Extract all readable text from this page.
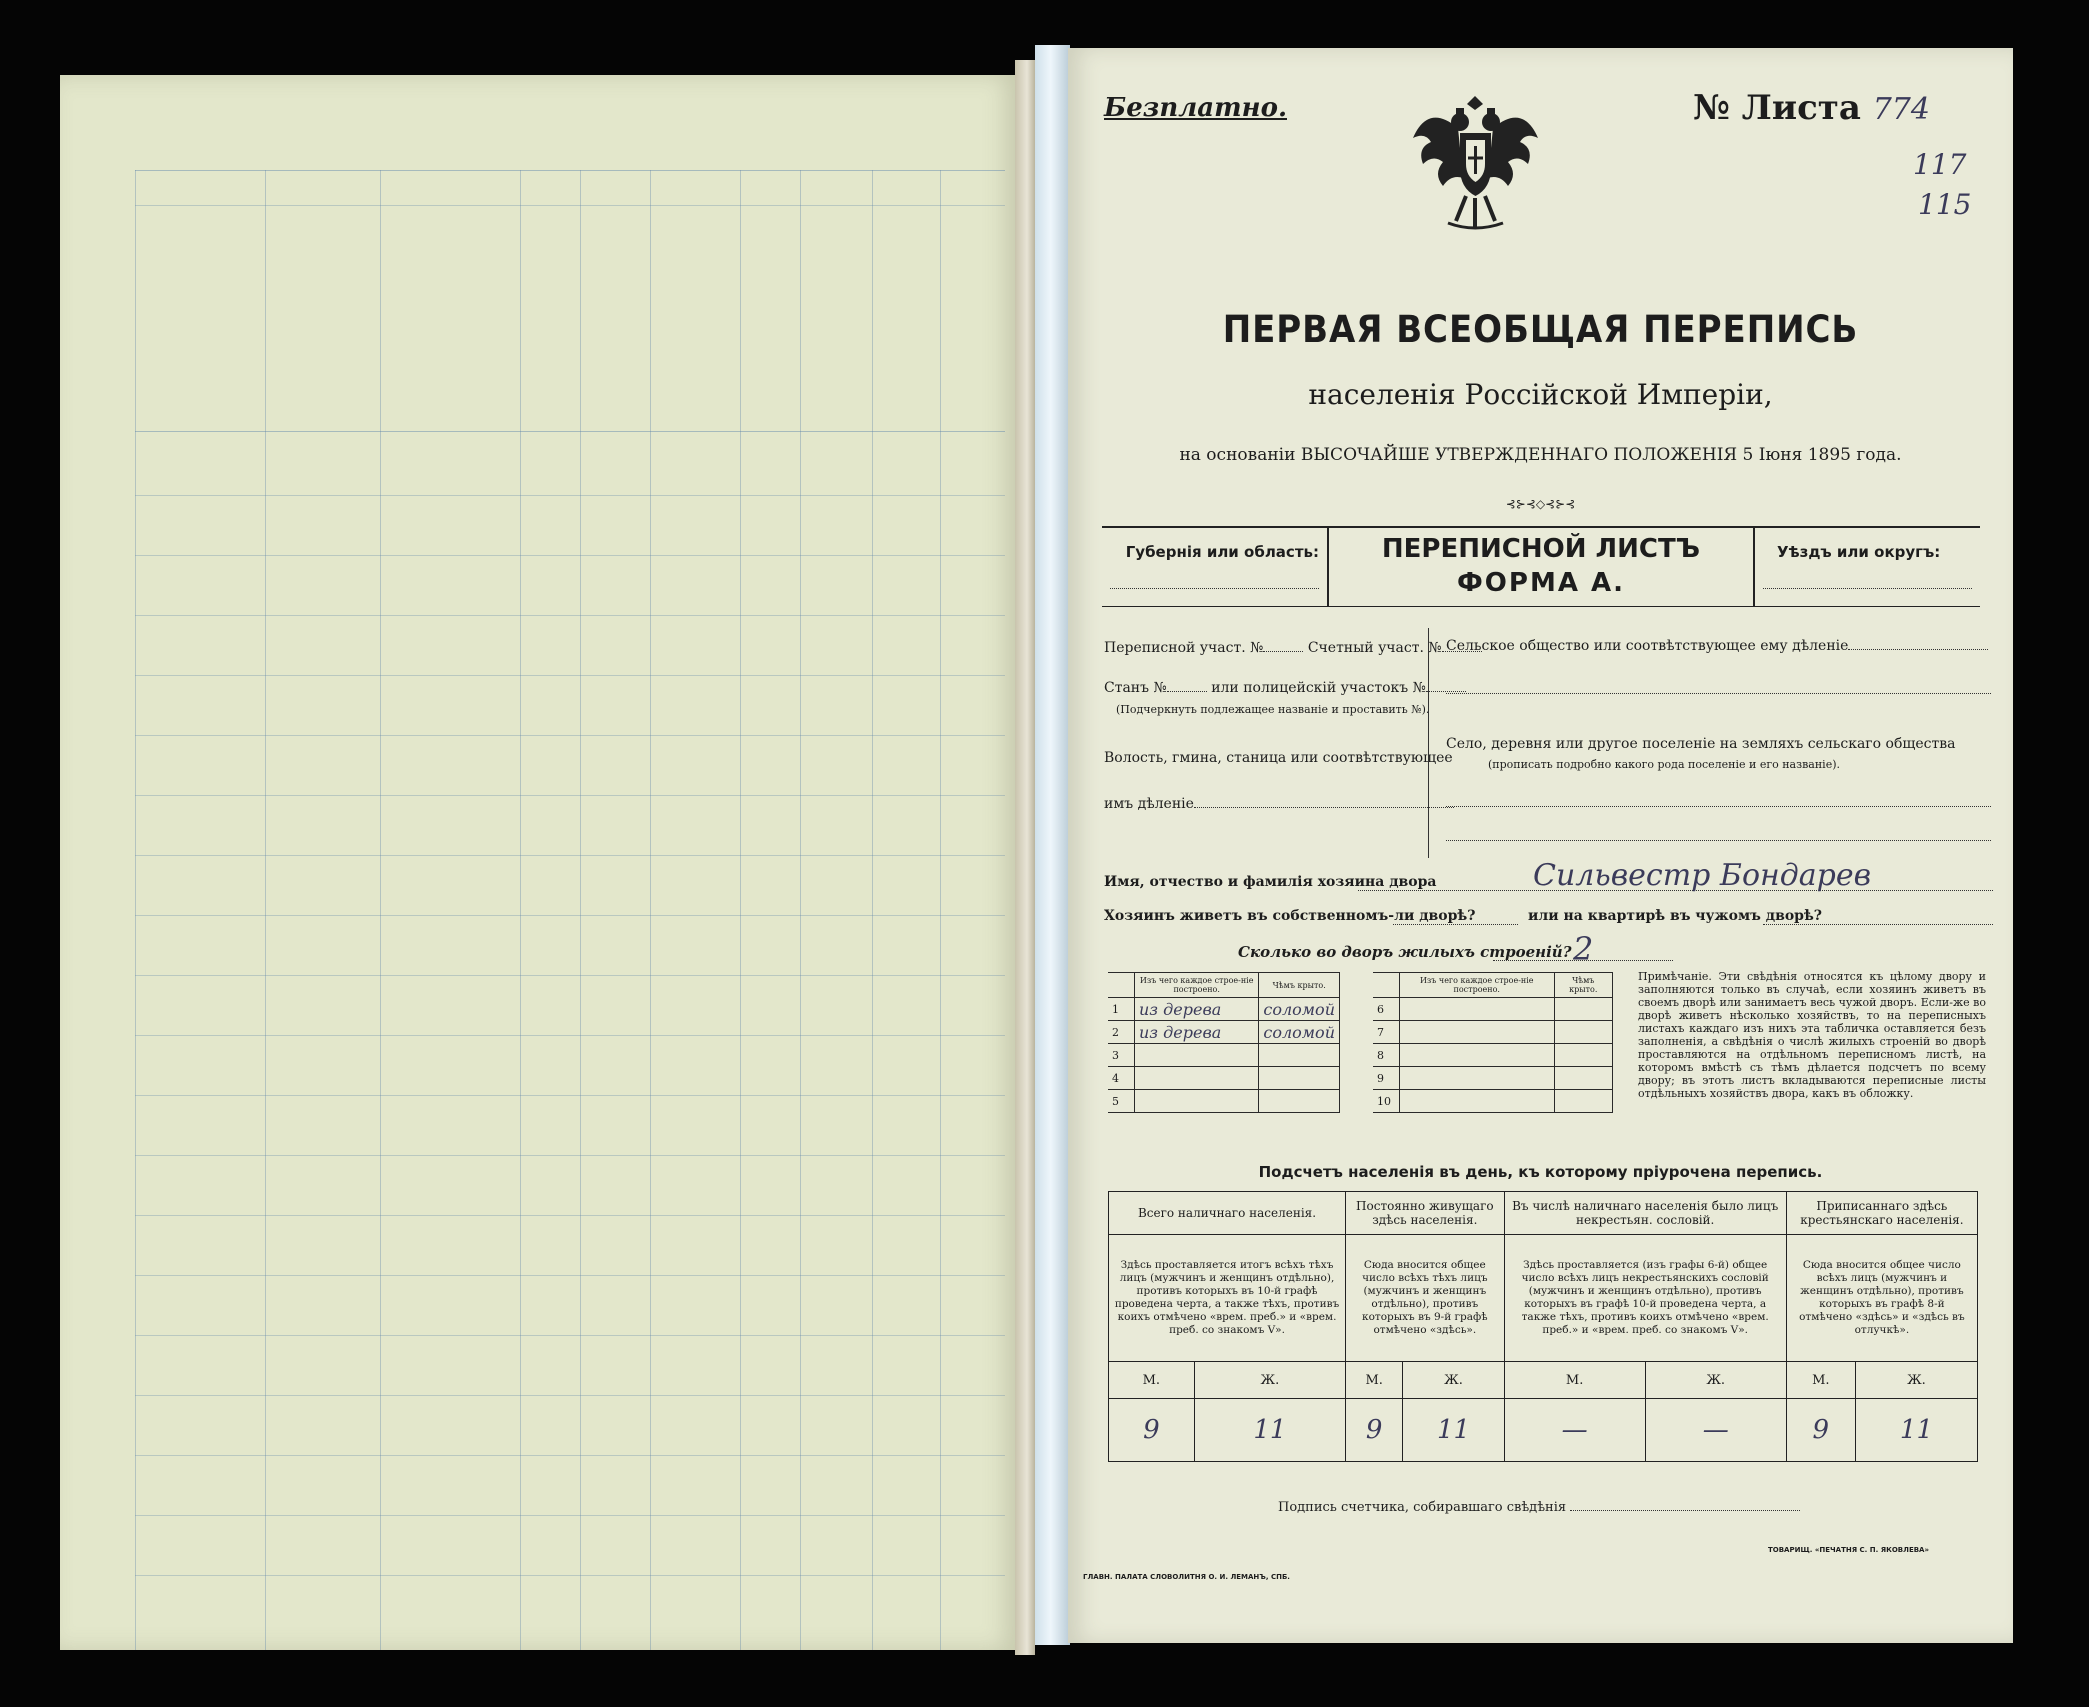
Безплатно.	№ Листа 774
117
115
ПЕРВАЯ ВСЕОБЩАЯ ПЕРЕПИСЬ
населенія Россійской Имперіи,
на основаніи ВЫСОЧАЙШЕ УТВЕРЖДЕННАГО ПОЛОЖЕНІЯ 5 Іюня 1895 года.
⊰⊱⊰◇⊰⊱⊰
Губернія или область:	ПЕРЕПИСНОЙ ЛИСТЪ
ФОРМА А.
Уѣздъ или округъ:
Переписной участ. №	Счетный участ. №
Станъ №	или полицейскій участокъ №
(Подчеркнуть подлежащее названіе и проставить №).
Волость, гмина, станица или соотвѣтствующее
имъ дѣленіе
Сельское общество или соотвѣтствующее ему дѣленіе
Село, деревня или другое поселеніе на земляхъ сельскаго общества
(прописать подробно какого рода поселеніе и его названіе).
Имя, отчество и фамилія хозяина двора	Сильвестр Бондарев
Хозяинъ живетъ въ собственномъ-ли дворѣ?	или на квартирѣ въ чужомъ дворѣ?
Сколько во дворъ жилыхъ строеній? 2
	Изъ чего каждое строе-ніе построено.	Чѣмъ крыто.
1	из дерева	соломой
2	из дерева	соломой
3		
4		
5		
	Изъ чего каждое строе-ніе построено.	Чѣмъ крыто.
6		
7		
8		
9		
10		
Примѣчаніе. Эти свѣдѣнія относятся къ цѣлому двору и заполняются только въ случаѣ, если хозяинъ живетъ въ своемъ дворѣ или занимаетъ весь чужой дворъ. Если-же во дворѣ живетъ нѣсколько хозяйствъ, то на переписныхъ листахъ каждаго изъ нихъ эта табличка оставляется безъ заполненія, а свѣдѣнія о числѣ жилыхъ строеній во дворѣ проставляются на отдѣльномъ переписномъ листѣ, на которомъ вмѣстѣ съ тѣмъ дѣлается подсчетъ по всему двору; въ этотъ листъ вкладываются переписные листы отдѣльныхъ хозяйствъ двора, какъ въ обложку.
Подсчетъ населенія въ день, къ которому пріурочена перепись.
Всего наличнаго населенія.		Постоянно живущаго здѣсь населенія.		Въ числѣ наличнаго населенія было лицъ некрестьян. сословій.		Приписаннаго здѣсь крестьянскаго населенія.	
Здѣсь проставляется итогъ всѣхъ тѣхъ лицъ (мужчинъ и женщинъ отдѣльно), противъ которыхъ въ 10-й графѣ проведена черта, а также тѣхъ, противъ коихъ отмѣчено «врем. преб.» и «врем. преб. со знакомъ V».		Сюда вносится общее число всѣхъ тѣхъ лицъ (мужчинъ и женщинъ отдѣльно), противъ которыхъ въ 9-й графѣ отмѣчено «здѣсь».		Здѣсь проставляется (изъ графы 6-й) общее число всѣхъ лицъ некрестьянскихъ сословій (мужчинъ и женщинъ отдѣльно), противъ которыхъ въ графѣ 10-й проведена черта, а также тѣхъ, противъ коихъ отмѣчено «врем. преб.» и «врем. преб. со знакомъ V».		Сюда вносится общее число всѣхъ лицъ (мужчинъ и женщинъ отдѣльно), противъ которыхъ въ графѣ 8-й отмѣчено «здѣсь» и «здѣсь въ отлучкѣ».	
М.	Ж.	М.	Ж.	М.	Ж.	М.	Ж.
9	11	9	11	—	—	9	11
Подпись счетчика, собиравшаго свѣдѣнія
ГЛАВН. ПАЛАТА СЛОВОЛИТНЯ О. И. ЛЕМАНЪ, СПБ.
ТОВАРИЩ. «ПЕЧАТНЯ С. П. ЯКОВЛЕВА»
